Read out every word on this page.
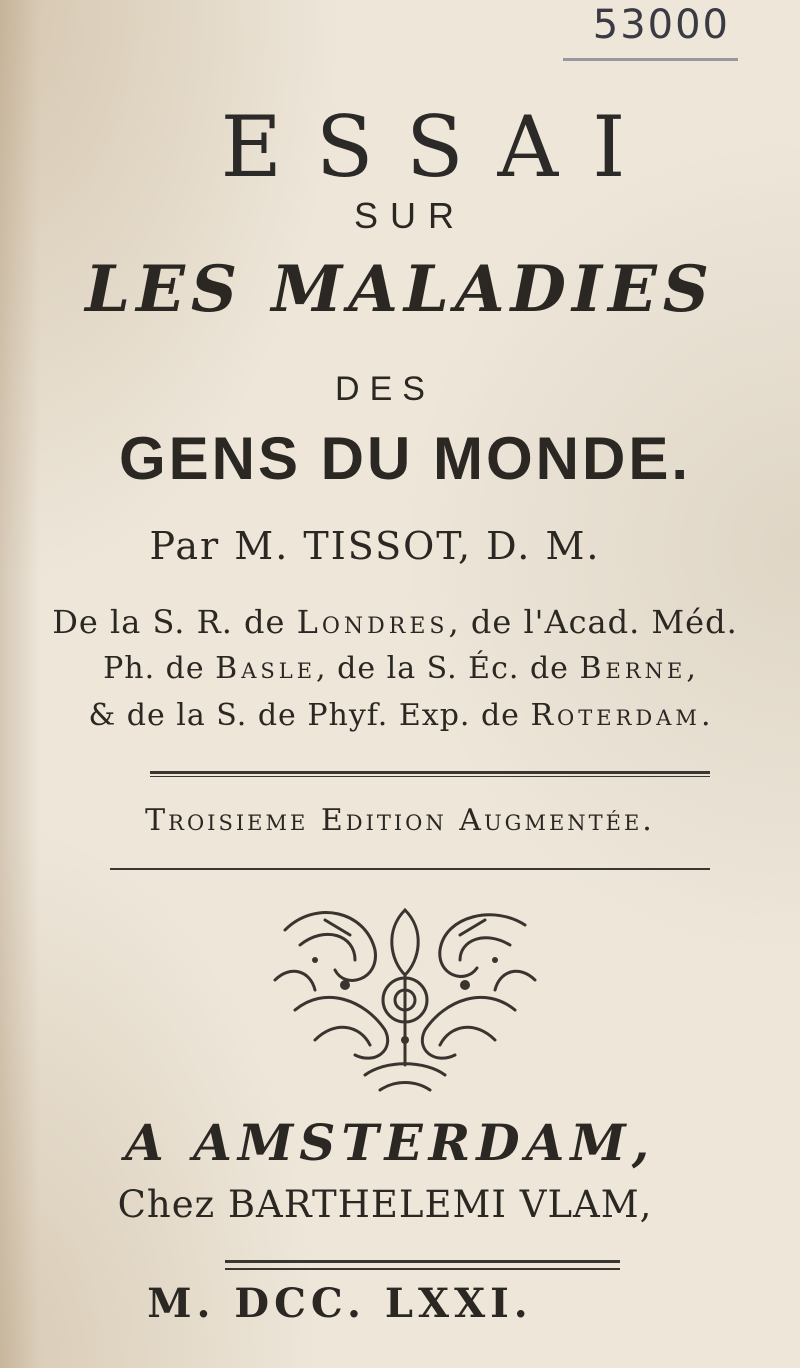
53000
ESSAI
SUR
LES MALADIES
DES
GENS DU MONDE.
Par M. TISSOT, D. M.
De la S. R. de Londres, de l'Acad. Méd.
Ph. de Basle, de la S. Éc. de Berne,
& de la S. de Phyf. Exp. de Roterdam.
Troisieme Edition Augmentée.
A AMSTERDAM,
Chez BARTHELEMI VLAM,
M. DCC. LXXI.
